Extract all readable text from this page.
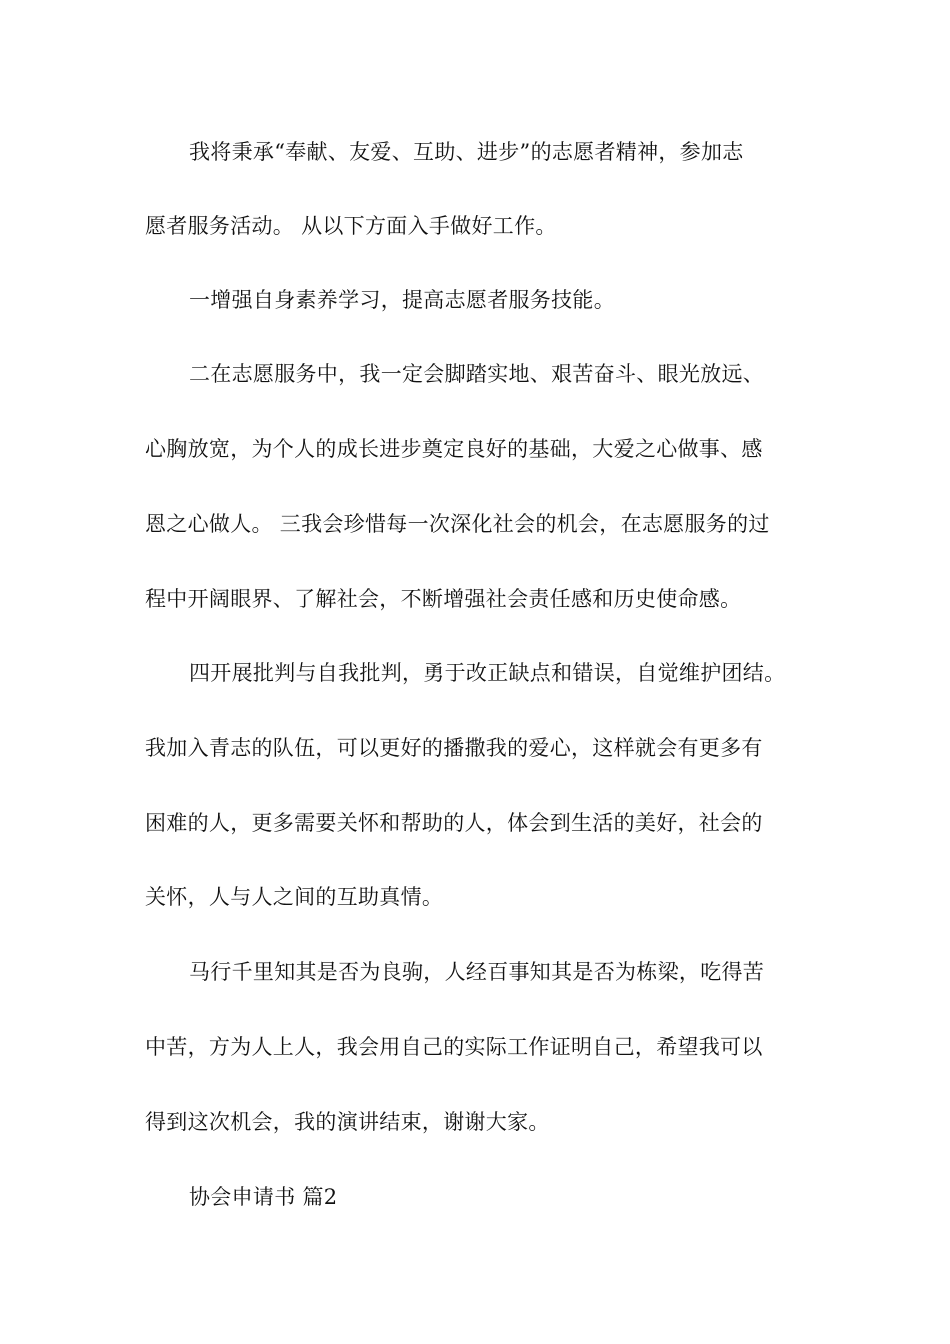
我将秉承“奉献、友爱、互助、进步”的志愿者精神，参加志
愿者服务活动。 从以下方面入手做好工作。
一增强自身素养学习，提高志愿者服务技能。
二在志愿服务中，我一定会脚踏实地、艰苦奋斗、眼光放远、
心胸放宽，为个人的成长进步奠定良好的基础，大爱之心做事、感
恩之心做人。 三我会珍惜每一次深化社会的机会，在志愿服务的过
程中开阔眼界、了解社会，不断增强社会责任感和历史使命感。
四开展批判与自我批判，勇于改正缺点和错误，自觉维护团结。
我加入青志的队伍，可以更好的播撒我的爱心，这样就会有更多有
困难的人，更多需要关怀和帮助的人，体会到生活的美好，社会的
关怀，人与人之间的互助真情。
马行千里知其是否为良驹，人经百事知其是否为栋梁，吃得苦
中苦，方为人上人，我会用自己的实际工作证明自己，希望我可以
得到这次机会，我的演讲结束，谢谢大家。
协会申请书 篇2
